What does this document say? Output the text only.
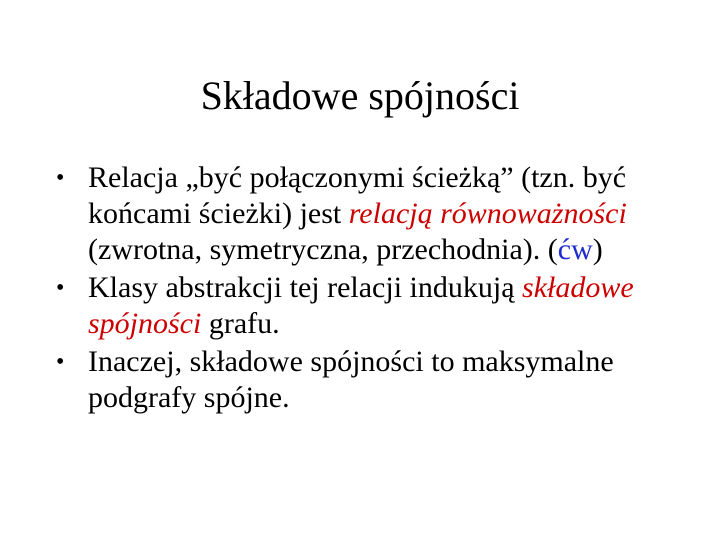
Składowe spójności
• Relacja „być połączonymi ścieżką” (tzn. być końcami ścieżki) jest relacją równoważności (zwrotna, symetryczna, przechodnia). (ćw)
• Klasy abstrakcji tej relacji indukują składowe spójności grafu.
• Inaczej, składowe spójności to maksymalne podgrafy spójne.
